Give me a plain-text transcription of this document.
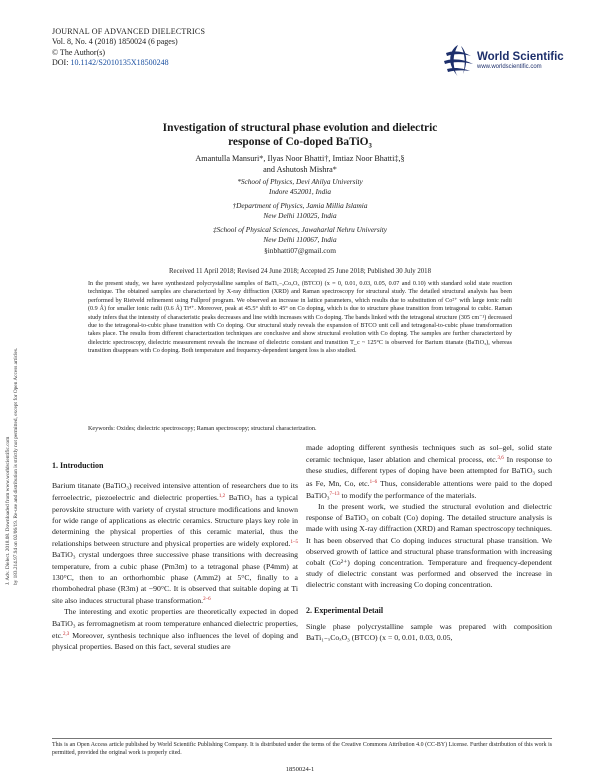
J. Adv. Dielect. 2018.08. Downloaded from www.worldscientific.com by 183.214.97.94 on 02/06/19. Re-use and distribution is strictly not permitted, except for Open Access articles.
JOURNAL OF ADVANCED DIELECTRICS
Vol. 8, No. 4 (2018) 1850024 (6 pages)
© The Author(s)
DOI: 10.1142/S2010135X18500248	World Scientific
www.worldscientific.com
Investigation of structural phase evolution and dielectric
response of Co-doped BaTiO₃
Amantulla Mansuri*, Ilyas Noor Bhatti†, Imtiaz Noor Bhatti‡,§
and Ashutosh Mishra*
*School of Physics, Devi Ahilya University
Indore 452001, India
†Department of Physics, Jamia Millia Islamia
New Delhi 110025, India
‡School of Physical Sciences, Jawaharlal Nehru University
New Delhi 110067, India
§inbhatti07@gmail.com
Received 11 April 2018; Revised 24 June 2018; Accepted 25 June 2018; Published 30 July 2018
In the present study, we have synthesized polycrystalline samples of BaTi₁₋ₓCoₓO₃ (BTCO) (x = 0, 0.01, 0.03, 0.05, 0.07 and 0.10) with standard solid state reaction technique. The obtained samples are characterized by X-ray diffraction (XRD) and Raman spectroscopy for structural study. The detailed structural analysis has been performed by Rietveld refinement using Fullprof program. We observed an increase in lattice parameters, which results due to substitution of Co²⁺ with large ionic radii (0.9 Å) for smaller ionic radii (0.6 Å) Ti⁴⁺. Moreover, peak at 45.5° shift to 45° on Co doping, which is due to structure phase transition from tetragonal to cubic. Raman study infers that the intensity of characteristic peaks decreases and line width increases with Co doping. The bands linked with the tetragonal structure (305 cm⁻¹) decreased due to the tetragonal-to-cubic phase transition with Co doping. Our structural study reveals the expansion of BTCO unit cell and tetragonal-to-cubic phase transformation takes place. The results from different characterization techniques are conclusive and show structural evolution with Co doping. The samples are further characterized by dielectric spectroscopy, dielectric measurement reveals the increase of dielectric constant and transition T_c ~ 125°C is observed for Barium titanate (BaTiO₃), whereas transition disappears with Co doping. Both temperature and frequency-dependent tangent loss is also studied.
Keywords: Oxides; dielectric spectroscopy; Raman spectroscopy; structural characterization.

1. Introduction

Barium titanate (BaTiO₃) received intensive attention of researchers due to its ferroelectric, piezoelectric and dielectric properties.$^{1,2}$ BaTiO₃ has a typical perovskite structure with variety of crystal structure modifications and known for wide range of applications as electric ceramics. Structure plays key role in determining the physical properties of this ceramic material, thus the relationships between structure and physical properties are widely explored.$^{1-5}$ BaTiO₃ crystal undergoes three successive phase transitions with decreasing temperature, from a cubic phase (Pm3m) to a tetragonal phase (P4mm) at 130°C, then to an orthorhombic phase (Amm2) at 5°C, finally to a rhombohedral phase (R3m) at −90°C. It is observed that suitable doping at Ti site also induces structural phase transformation.$^{2-6}$

The interesting and exotic properties are theoretically expected in doped BaTiO₃ as ferromagnetism at room temperature enhanced dielectric properties, etc.$^{2,3}$ Moreover, synthesis technique also influences the level of doping and physical properties. Based on this fact, several studies are

made adopting different synthesis techniques such as sol–gel, solid state ceramic technique, laser ablation and chemical process, etc.$^{3,6}$ In response to these studies, different types of doping have been attempted for BaTiO₃ such as Fe, Mn, Co, etc.$^{1-6}$ Thus, considerable attentions were paid to the doped BaTiO₃$^{7-13}$ to modify the performance of the materials.

In the present work, we studied the structural evolution and dielectric response of BaTiO₃ on cobalt (Co) doping. The detailed structure analysis is made with using X-ray diffraction (XRD) and Raman spectroscopy techniques. It has been observed that Co doping induces structural phase transition. We observed growth of lattice and structural phase transformation with increasing cobalt (Co²⁺) doping concentration. Temperature and frequency-dependent study of dielectric constant was performed and observed the increase in dielectric constant with increasing Co doping concentration.

2. Experimental Detail

Single phase polycrystalline sample was prepared with composition BaTi₁₋ₓCoₓO₃ (BTCO) (x = 0, 0.01, 0.03, 0.05,

This is an Open Access article published by World Scientific Publishing Company. It is distributed under the terms of the Creative Commons Attribution 4.0 (CC-BY) License. Further distribution of this work is permitted, provided the original work is properly cited.
1850024-1
